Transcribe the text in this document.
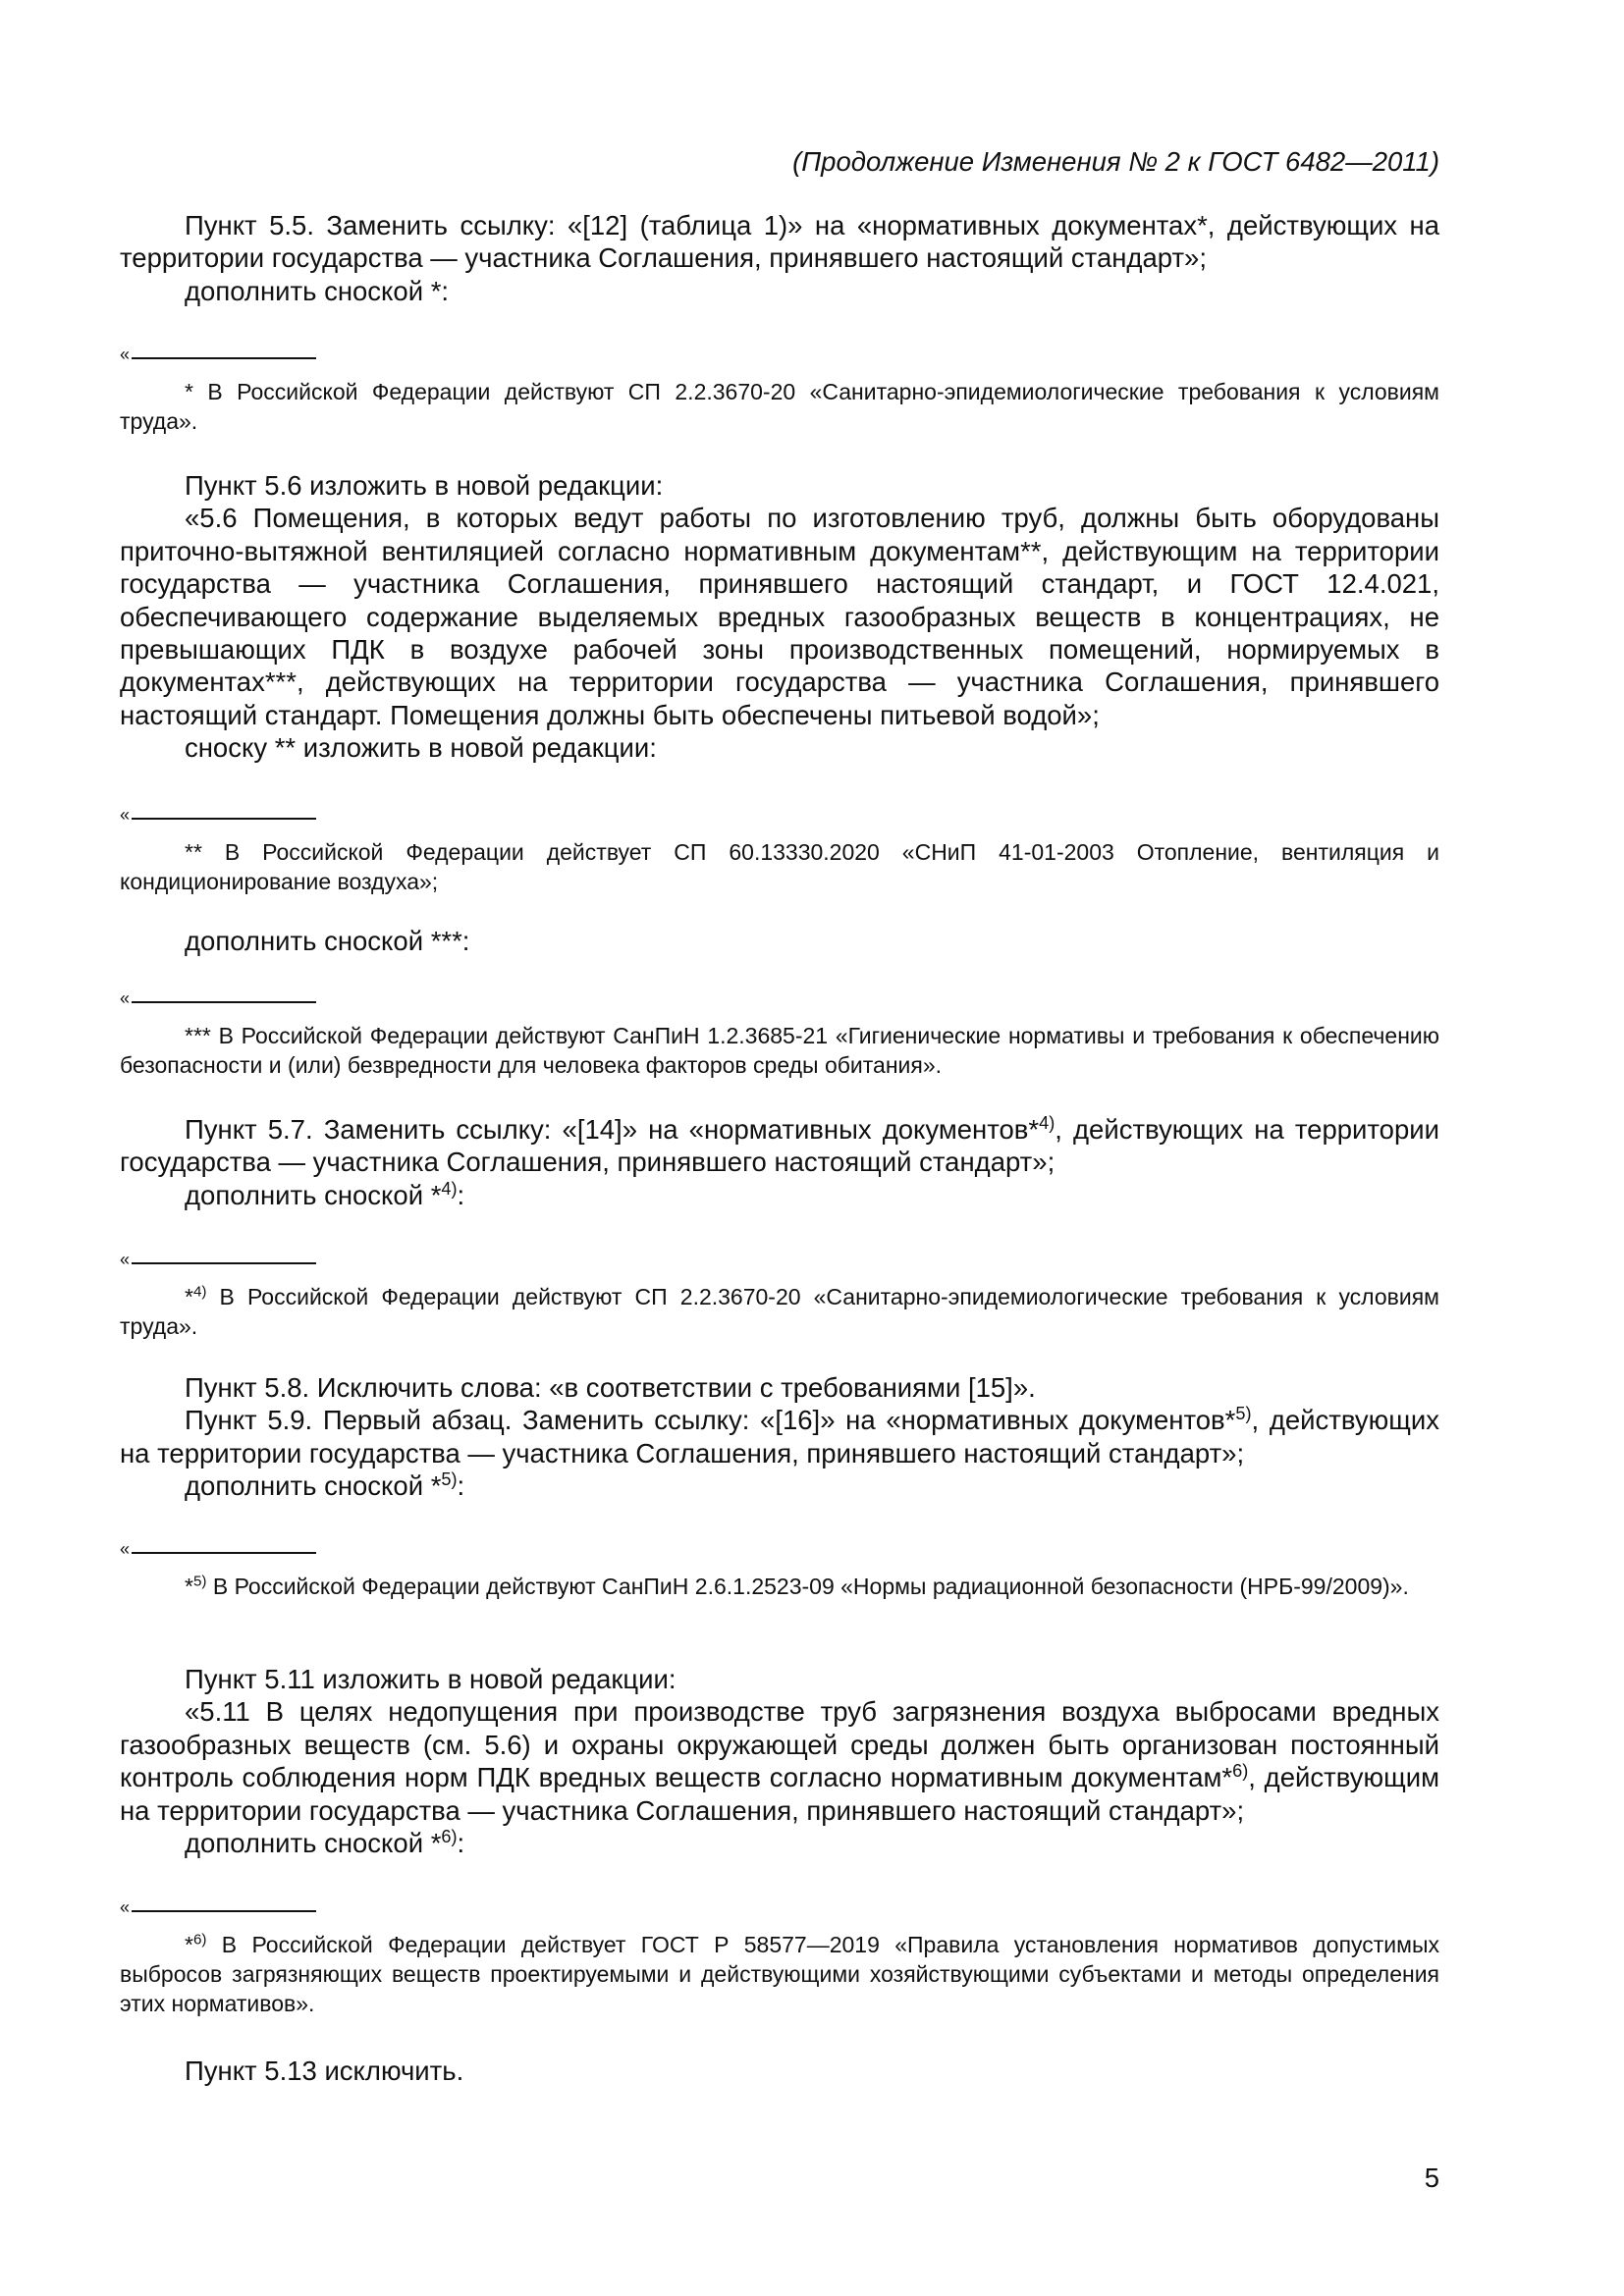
(Продолжение Изменения № 2 к ГОСТ 6482—2011)

Пункт 5.5. Заменить ссылку: «[12] (таблица 1)» на «нормативных документах*, действующих на территории государства — участника Соглашения, принявшего настоящий стандарт»;

дополнить сноской *:

«

* В Российской Федерации действуют СП 2.2.3670-20 «Санитарно-эпидемиологические требования к условиям труда».

Пункт 5.6 изложить в новой редакции:

«5.6 Помещения, в которых ведут работы по изготовлению труб, должны быть оборудованы приточно-вытяжной вентиляцией согласно нормативным документам**, действующим на территории государства — участника Соглашения, принявшего настоящий стандарт, и ГОСТ 12.4.021, обеспечивающего содержание выделяемых вредных газообразных веществ в концентрациях, не превышающих ПДК в воздухе рабочей зоны производственных помещений, нормируемых в документах***, действующих на территории государства — участника Соглашения, принявшего настоящий стандарт. Помещения должны быть обеспечены питьевой водой»;

сноску ** изложить в новой редакции:

«

** В Российской Федерации действует СП 60.13330.2020 «СНиП 41-01-2003 Отопление, вентиляция и кондиционирование воздуха»;

дополнить сноской ***:

«

*** В Российской Федерации действуют СанПиН 1.2.3685-21 «Гигиенические нормативы и требования к обеспечению безопасности и (или) безвредности для человека факторов среды обитания».

Пункт 5.7. Заменить ссылку: «[14]» на «нормативных документов*$^{4)}$, действующих на территории государства — участника Соглашения, принявшего настоящий стандарт»;

дополнить сноской *$^{4)}$:

«

*$^{4)}$ В Российской Федерации действуют СП 2.2.3670-20 «Санитарно-эпидемиологические требования к условиям труда».

Пункт 5.8. Исключить слова: «в соответствии с требованиями [15]».

Пункт 5.9. Первый абзац. Заменить ссылку: «[16]» на «нормативных документов*$^{5)}$, действующих на территории государства — участника Соглашения, принявшего настоящий стандарт»;

дополнить сноской *$^{5)}$:

«

*$^{5)}$ В Российской Федерации действуют СанПиН 2.6.1.2523-09 «Нормы радиационной безопасности (НРБ-99/2009)».

Пункт 5.11 изложить в новой редакции:

«5.11 В целях недопущения при производстве труб загрязнения воздуха выбросами вредных газообразных веществ (см. 5.6) и охраны окружающей среды должен быть организован постоянный контроль соблюдения норм ПДК вредных веществ согласно нормативным документам*$^{6)}$, действующим на территории государства — участника Соглашения, принявшего настоящий стандарт»;

дополнить сноской *$^{6)}$:

«

*$^{6)}$ В Российской Федерации действует ГОСТ Р 58577—2019 «Правила установления нормативов допустимых выбросов загрязняющих веществ проектируемыми и действующими хозяйствующими субъектами и методы определения этих нормативов».

Пункт 5.13 исключить.

5
